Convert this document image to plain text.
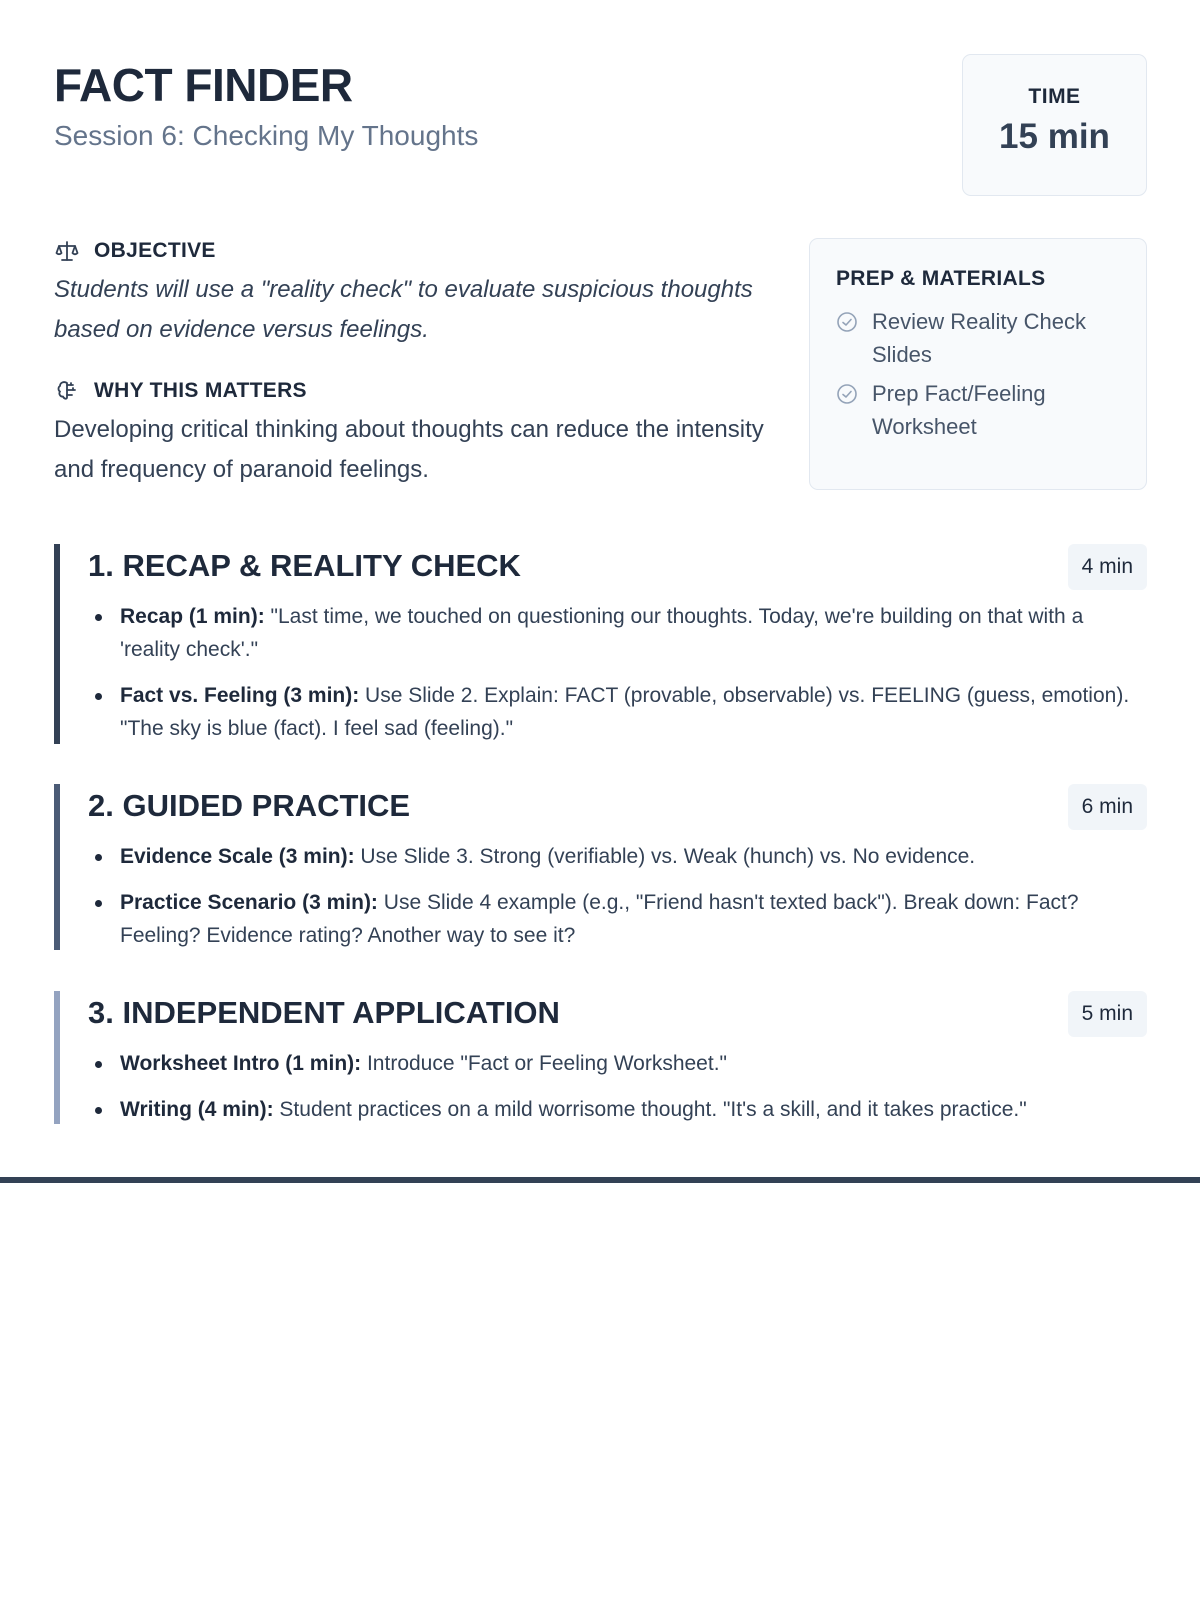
FACT FINDER
Session 6: Checking My Thoughts
TIME
15 min
OBJECTIVE

Students will use a "reality check" to evaluate suspicious thoughts based on evidence versus feelings.

WHY THIS MATTERS

Developing critical thinking about thoughts can reduce the intensity and frequency of paranoid feelings.

PREP & MATERIALS
Review Reality Check Slides
Prep Fact/Feeling Worksheet
1. RECAP & REALITY CHECK	4 min
Recap (1 min): "Last time, we touched on questioning our thoughts. Today, we're building on that with a 'reality check'."
Fact vs. Feeling (3 min): Use Slide 2. Explain: FACT (provable, observable) vs. FEELING (guess, emotion). "The sky is blue (fact). I feel sad (feeling)."
2. GUIDED PRACTICE	6 min
Evidence Scale (3 min): Use Slide 3. Strong (verifiable) vs. Weak (hunch) vs. No evidence.
Practice Scenario (3 min): Use Slide 4 example (e.g., "Friend hasn't texted back"). Break down: Fact? Feeling? Evidence rating? Another way to see it?
3. INDEPENDENT APPLICATION	5 min
Worksheet Intro (1 min): Introduce "Fact or Feeling Worksheet."
Writing (4 min): Student practices on a mild worrisome thought. "It's a skill, and it takes practice."
